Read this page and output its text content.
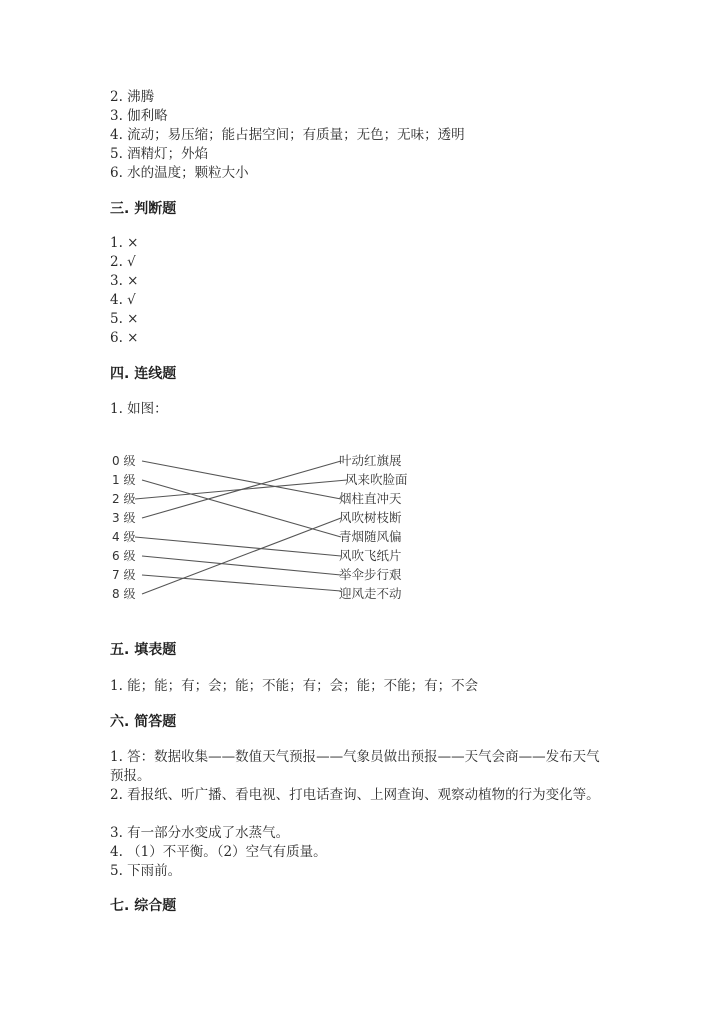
2. 沸腾
3. 伽利略
4. 流动；易压缩；能占据空间；有质量；无色；无味；透明
5. 酒精灯；外焰
6. 水的温度；颗粒大小
三. 判断题
1. ×
2. √
3. ×
4. √
5. ×
6. ×
四. 连线题
1. 如图：
0 级
1 级
2 级
3 级
4 级
6 级
7 级
8 级
叶动红旗展
风来吹脸面
烟柱直冲天
风吹树枝断
青烟随风偏
风吹飞纸片
举伞步行艰
迎风走不动
五. 填表题
1. 能；能；有；会；能；不能；有；会；能；不能；有；不会
六. 简答题
1. 答：数据收集——数值天气预报——气象员做出预报——天气会商——发布天气预报。
2. 看报纸、听广播、看电视、打电话查询、上网查询、观察动植物的行为变化等。
3. 有一部分水变成了水蒸气。
4. （1）不平衡。（2）空气有质量。
5. 下雨前。
七. 综合题
